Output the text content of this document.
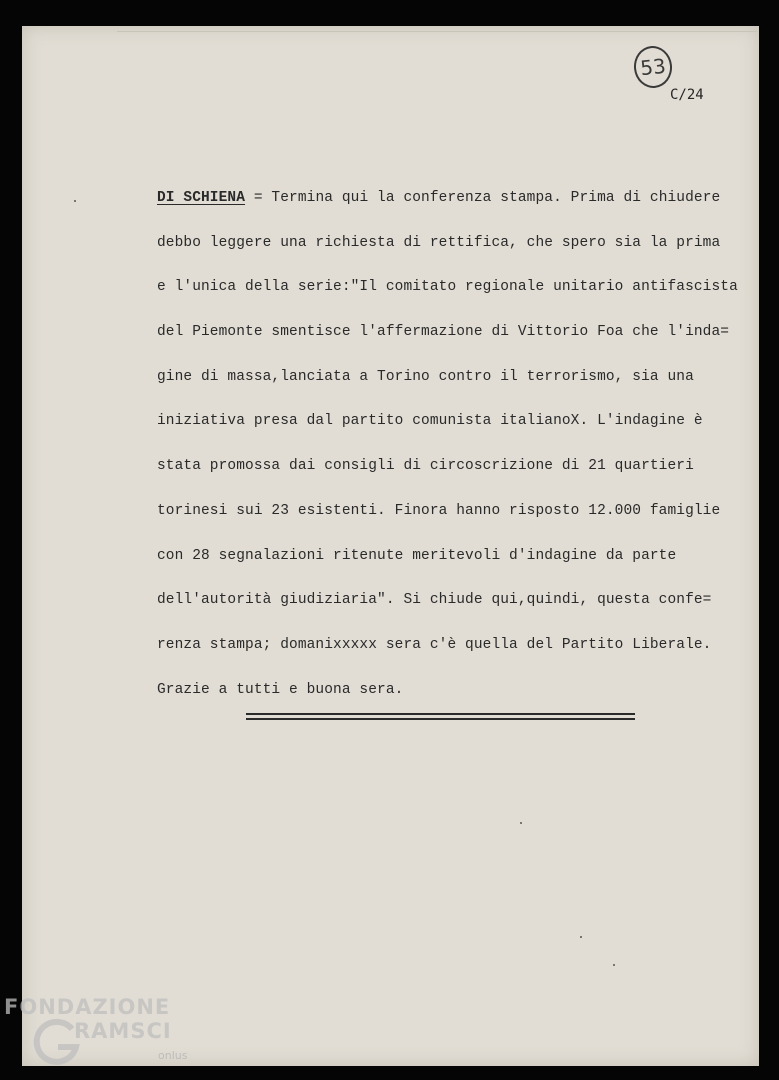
53
C/24
DI SCHIENA = Termina qui la conferenza stampa. Prima di chiudere
debbo leggere una richiesta di rettifica, che spero sia la prima
e l'unica della serie:"Il comitato regionale unitario antifascista
del Piemonte smentisce l'affermazione di Vittorio Foa che l'inda=
gine di massa,lanciata a Torino contro il terrorismo, sia una
iniziativa presa dal partito comunista italianoX. L'indagine è
stata promossa dai consigli di circoscrizione di 21 quartieri
torinesi sui 23 esistenti. Finora hanno risposto 12.000 famiglie
con 28 segnalazioni ritenute meritevoli d'indagine da parte
dell'autorità giudiziaria". Si chiude qui,quindi, questa confe=
renza stampa; domanixxxxx sera c'è quella del Partito Liberale.
Grazie a tutti e buona sera.
FONDAZIONE
RAMSCI
onlus
